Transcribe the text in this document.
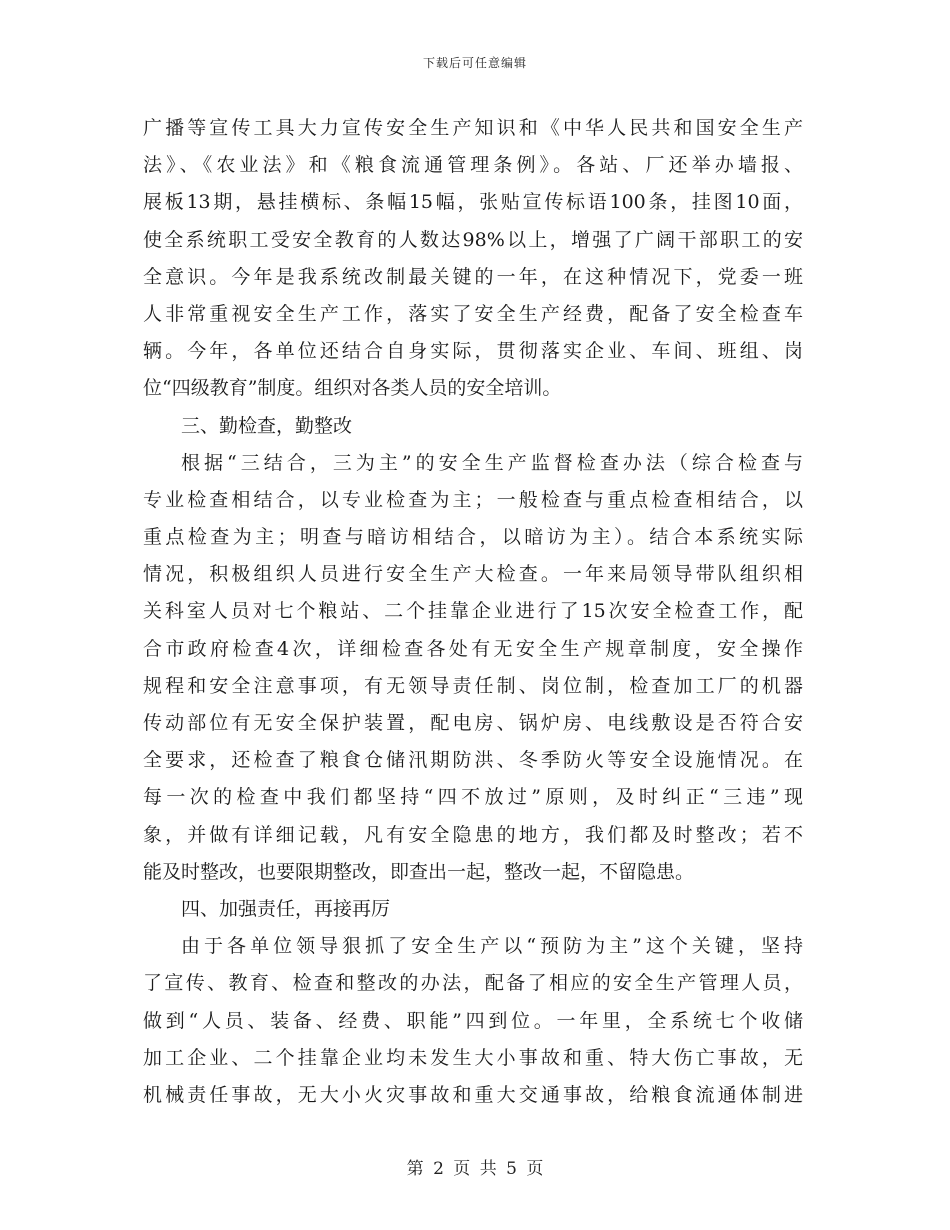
下载后可任意编辑
广播等宣传工具大力宣传安全生产知识和《中华人民共和国安全生产
法》、《农业法》和《粮食流通管理条例》。各站、厂还举办墙报、
展板13期，悬挂横标、条幅15幅，张贴宣传标语100条，挂图10面，
使全系统职工受安全教育的人数达98%以上，增强了广阔干部职工的安
全意识。今年是我系统改制最关键的一年，在这种情况下，党委一班
人非常重视安全生产工作，落实了安全生产经费，配备了安全检查车
辆。今年，各单位还结合自身实际，贯彻落实企业、车间、班组、岗
位“四级教育”制度。组织对各类人员的安全培训。
三、勤检查，勤整改
根据“三结合，三为主”的安全生产监督检查办法（综合检查与
专业检查相结合，以专业检查为主；一般检查与重点检查相结合，以
重点检查为主；明查与暗访相结合，以暗访为主）。结合本系统实际
情况，积极组织人员进行安全生产大检查。一年来局领导带队组织相
关科室人员对七个粮站、二个挂靠企业进行了15次安全检查工作，配
合市政府检查4次，详细检查各处有无安全生产规章制度，安全操作
规程和安全注意事项，有无领导责任制、岗位制，检查加工厂的机器
传动部位有无安全保护装置，配电房、锅炉房、电线敷设是否符合安
全要求，还检查了粮食仓储汛期防洪、冬季防火等安全设施情况。在
每一次的检查中我们都坚持“四不放过”原则，及时纠正“三违”现
象，并做有详细记载，凡有安全隐患的地方，我们都及时整改；若不
能及时整改，也要限期整改，即查出一起，整改一起，不留隐患。
四、加强责任，再接再厉
由于各单位领导狠抓了安全生产以“预防为主”这个关键，坚持
了宣传、教育、检查和整改的办法，配备了相应的安全生产管理人员，
做到“人员、装备、经费、职能”四到位。一年里，全系统七个收储
加工企业、二个挂靠企业均未发生大小事故和重、特大伤亡事故，无
机械责任事故，无大小火灾事故和重大交通事故，给粮食流通体制进
第 2 页 共 5 页
